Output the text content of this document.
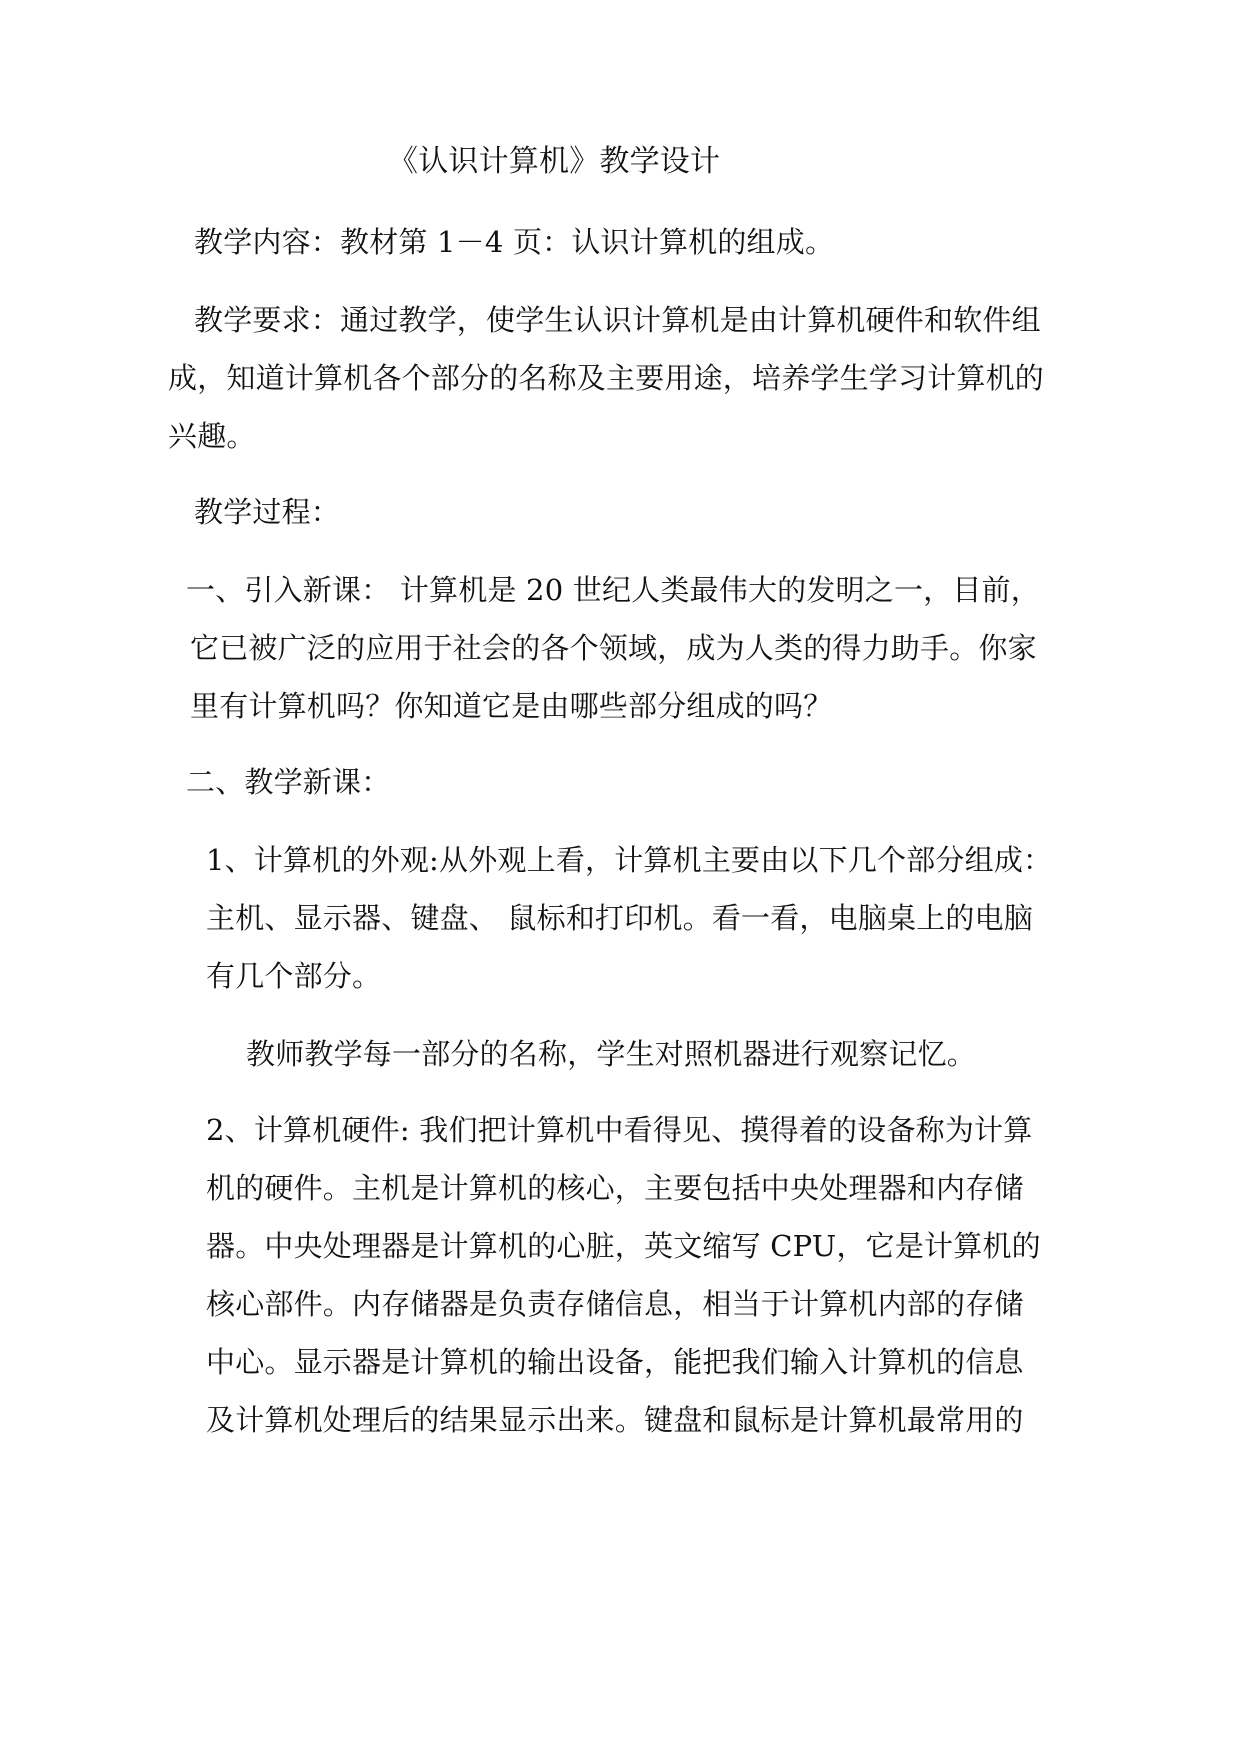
《认识计算机》教学设计
教学内容：教材第 1－4 页：认识计算机的组成。
教学要求：通过教学，使学生认识计算机是由计算机硬件和软件组
成，知道计算机各个部分的名称及主要用途，培养学生学习计算机的
兴趣。
教学过程：
一、引入新课： 计算机是 20 世纪人类最伟大的发明之一，目前，
它已被广泛的应用于社会的各个领域，成为人类的得力助手。你家
里有计算机吗？你知道它是由哪些部分组成的吗？
二、教学新课：
1、计算机的外观:从外观上看，计算机主要由以下几个部分组成：
主机、显示器、键盘、 鼠标和打印机。看一看，电脑桌上的电脑
有几个部分。
教师教学每一部分的名称，学生对照机器进行观察记忆。
2、计算机硬件: 我们把计算机中看得见、摸得着的设备称为计算
机的硬件。主机是计算机的核心，主要包括中央处理器和内存储
器。中央处理器是计算机的心脏，英文缩写 CPU，它是计算机的
核心部件。内存储器是负责存储信息，相当于计算机内部的存储
中心。显示器是计算机的输出设备，能把我们输入计算机的信息
及计算机处理后的结果显示出来。键盘和鼠标是计算机最常用的
